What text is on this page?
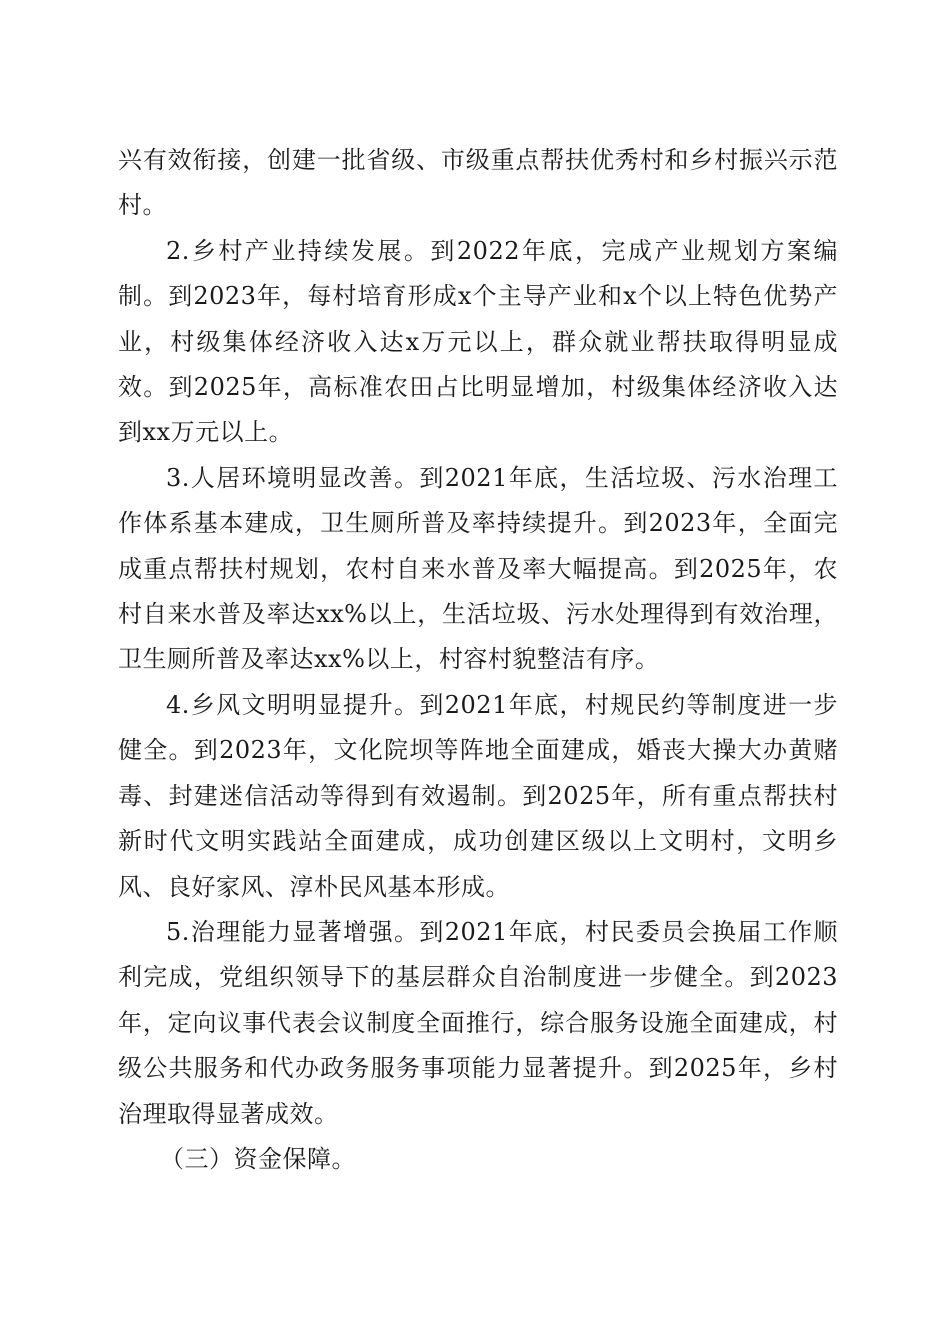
兴有效衔接，创建一批省级、市级重点帮扶优秀村和乡村振兴示范村。

2.乡村产业持续发展。到2022年底，完成产业规划方案编制。到2023年，每村培育形成x个主导产业和x个以上特色优势产业，村级集体经济收入达x万元以上，群众就业帮扶取得明显成效。到2025年，高标准农田占比明显增加，村级集体经济收入达到xx万元以上。

3.人居环境明显改善。到2021年底，生活垃圾、污水治理工作体系基本建成，卫生厕所普及率持续提升。到2023年，全面完成重点帮扶村规划，农村自来水普及率大幅提高。到2025年，农村自来水普及率达xx%以上，生活垃圾、污水处理得到有效治理，卫生厕所普及率达xx%以上，村容村貌整洁有序。

4.乡风文明明显提升。到2021年底，村规民约等制度进一步健全。到2023年，文化院坝等阵地全面建成，婚丧大操大办黄赌毒、封建迷信活动等得到有效遏制。到2025年，所有重点帮扶村新时代文明实践站全面建成，成功创建区级以上文明村，文明乡风、良好家风、淳朴民风基本形成。

5.治理能力显著增强。到2021年底，村民委员会换届工作顺利完成，党组织领导下的基层群众自治制度进一步健全。到2023年，定向议事代表会议制度全面推行，综合服务设施全面建成，村级公共服务和代办政务服务事项能力显著提升。到2025年，乡村治理取得显著成效。

（三）资金保障。
